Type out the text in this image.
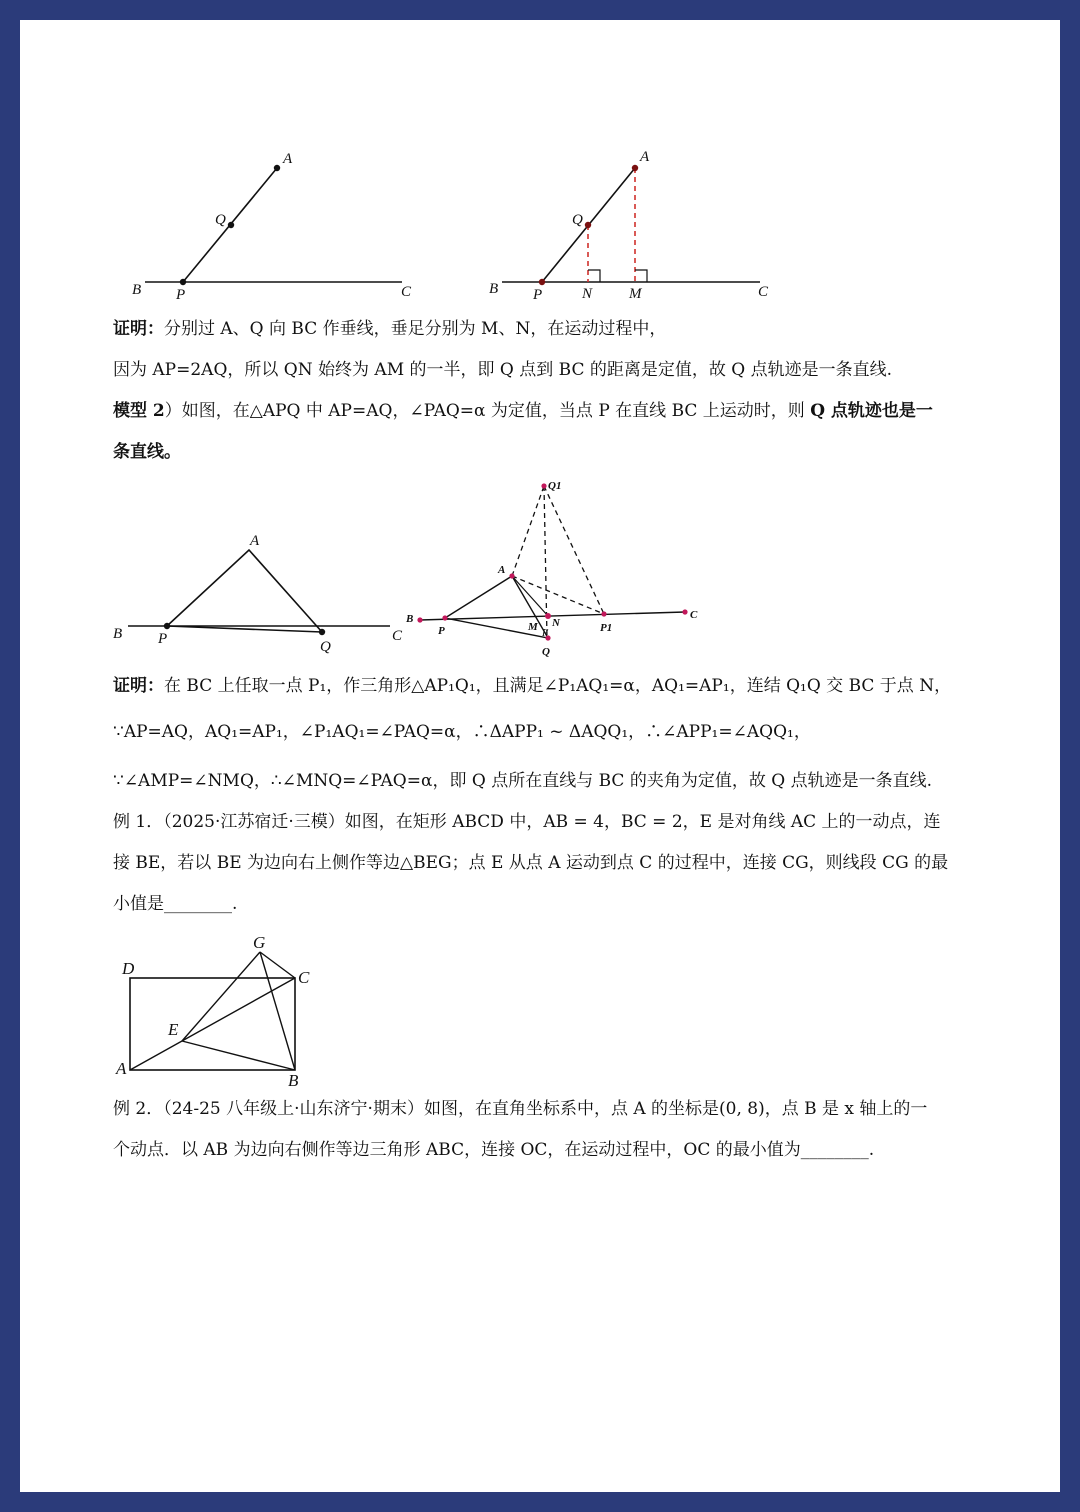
A
Q
B P	C
A
Q
B P	N M	C
证明：分别过 A、Q 向 BC 作垂线，垂足分别为 M、N，在运动过程中，
因为 AP=2AQ，所以 QN 始终为 AM 的一半，即 Q 点到 BC 的距离是定值，故 Q 点轨迹是一条直线.
模型 2）如图，在△APQ 中 AP=AQ，∠PAQ=α 为定值，当点 P 在直线 BC 上运动时，则 Q 点轨迹也是一
条直线。
A
B P	Q
C
Q1
A
B
P	M
F
N	P1
Q
C
证明：在 BC 上任取一点 P₁，作三角形△AP₁Q₁，且满足∠P₁AQ₁=α，AQ₁=AP₁，连结 Q₁Q 交 BC 于点 N，
∵AP=AQ，AQ₁=AP₁，∠P₁AQ₁=∠PAQ=α，∴ΔAPP₁ ~ ΔAQQ₁，∴∠APP₁=∠AQQ₁，
∵∠AMP=∠NMQ，∴∠MNQ=∠PAQ=α，即 Q 点所在直线与 BC 的夹角为定值，故 Q 点轨迹是一条直线.
例 1．（2025·江苏宿迁·三模）如图，在矩形 ABCD 中，AB = 4，BC = 2，E 是对角线 AC 上的一动点，连
接 BE，若以 BE 为边向右上侧作等边△BEG；点 E 从点 A 运动到点 C 的过程中，连接 CG，则线段 CG 的最
小值是________.
D
G
C
E
A
B
例 2．（24-25 八年级上·山东济宁·期末）如图，在直角坐标系中，点 A 的坐标是(0, 8)，点 B 是 x 轴上的一
个动点．以 AB 为边向右侧作等边三角形 ABC，连接 OC，在运动过程中，OC 的最小值为________.
